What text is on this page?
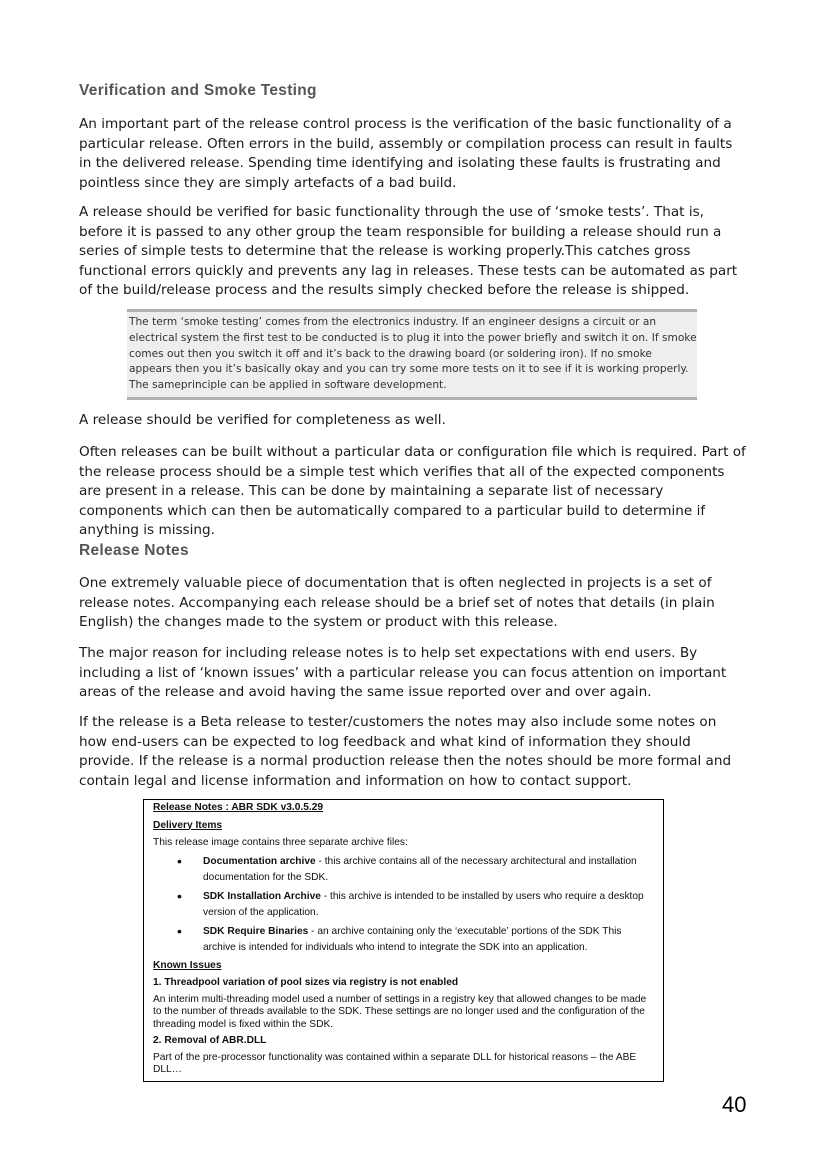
Verification and Smoke Testing

An important part of the release control process is the verification of the basic functionality of a particular release. Often errors in the build, assembly or compilation process can result in faults in the delivered release. Spending time identifying and isolating these faults is frustrating and pointless since they are simply artefacts of a bad build.

A release should be verified for basic functionality through the use of ‘smoke tests’. That is, before it is passed to any other group the team responsible for building a release should run a series of simple tests to determine that the release is working properly.This catches gross functional errors quickly and prevents any lag in releases. These tests can be automated as part of the build/release process and the results simply checked before the release is shipped.

The term ‘smoke testing’ comes from the electronics industry. If an engineer designs a circuit or an electrical system the first test to be conducted is to plug it into the power briefly and switch it on. If smoke comes out then you switch it off and it’s back to the drawing board (or soldering iron). If no smoke appears then you it’s basically okay and you can try some more tests on it to see if it is working properly. The sameprinciple can be applied in software development.

A release should be verified for completeness as well.

Often releases can be built without a particular data or configuration file which is required. Part of the release process should be a simple test which verifies that all of the expected components are present in a release. This can be done by maintaining a separate list of necessary components which can then be automatically compared to a particular build to determine if anything is missing.

Release Notes

One extremely valuable piece of documentation that is often neglected in projects is a set of release notes. Accompanying each release should be a brief set of notes that details (in plain English) the changes made to the system or product with this release.

The major reason for including release notes is to help set expectations with end users. By including a list of ‘known issues’ with a particular release you can focus attention on important areas of the release and avoid having the same issue reported over and over again.

If the release is a Beta release to tester/customers the notes may also include some notes on how end-users can be expected to log feedback and what kind of information they should provide. If the release is a normal production release then the notes should be more formal and contain legal and license information and information on how to contact support.

Release Notes : ABR SDK v3.0.5.29
Delivery Items
This release image contains three separate archive files:
• Documentation archive - this archive contains all of the necessary architectural and installation documentation for the SDK.
• SDK Installation Archive - this archive is intended to be installed by users who require a desktop version of the application.
• SDK Require Binaries - an archive containing only the ‘executable’ portions of the SDK This archive is intended for individuals who intend to integrate the SDK into an application.
Known Issues
1. Threadpool variation of pool sizes via registry is not enabled
An interim multi-threading model used a number of settings in a registry key that allowed changes to be made to the number of threads available to the SDK. These settings are no longer used and the configuration of the threading model is fixed within the SDK.
2. Removal of ABR.DLL
Part of the pre-processor functionality was contained within a separate DLL for historical reasons – the ABE DLL…
40
